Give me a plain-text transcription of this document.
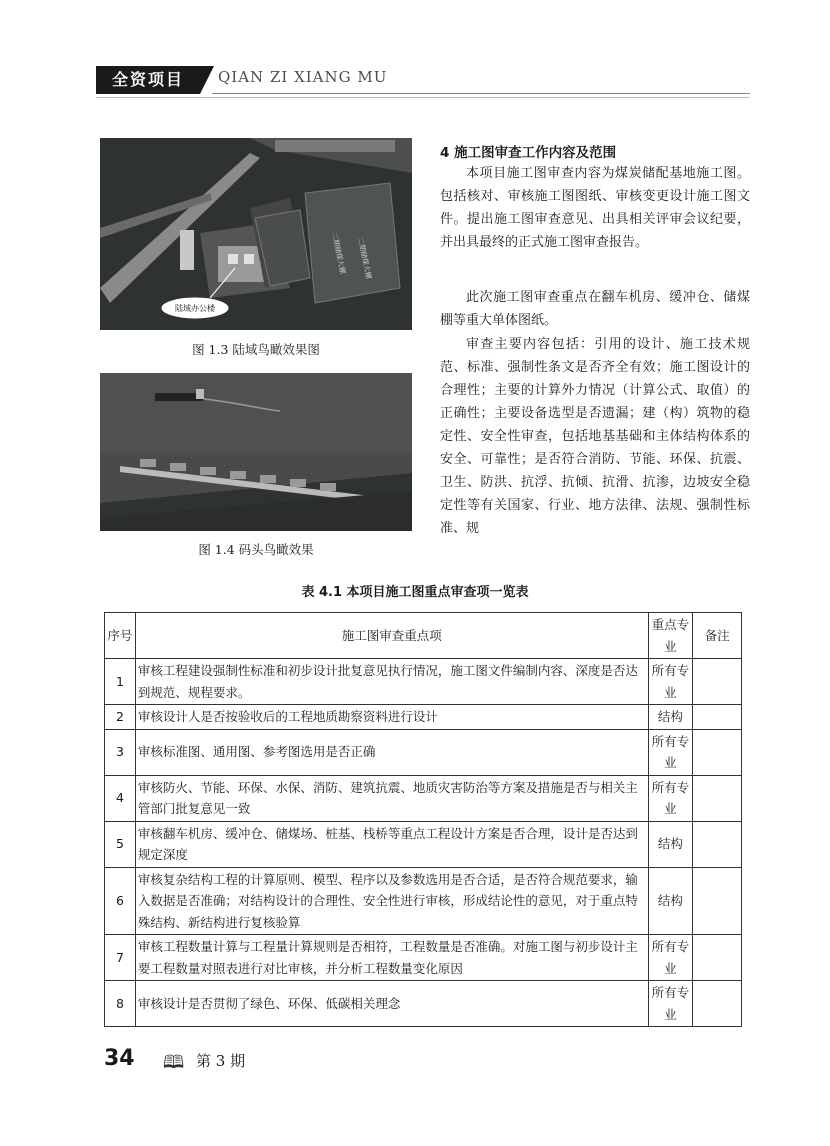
全资项目	QIAN ZI XIANG MU
二期储煤大棚 二期储煤大棚
陆域办公楼
图 1.3 陆域鸟瞰效果图
图 1.4 码头鸟瞰效果
4 施工图审查工作内容及范围

本项目施工图审查内容为煤炭储配基地施工图。包括核对、审核施工图图纸、审核变更设计施工图文件。提出施工图审查意见、出具相关评审会议纪要，并出具最终的正式施工图审查报告。

此次施工图审查重点在翻车机房、缓冲仓、储煤棚等重大单体图纸。

审查主要内容包括：引用的设计、施工技术规范、标准、强制性条文是否齐全有效；施工图设计的合理性；主要的计算外力情况（计算公式、取值）的正确性；主要设备选型是否遗漏；建（构）筑物的稳定性、安全性审查，包括地基基础和主体结构体系的安全、可靠性；是否符合消防、节能、环保、抗震、卫生、防洪、抗浮、抗倾、抗滑、抗渗，边坡安全稳定性等有关国家、行业、地方法律、法规、强制性标准、规

表 4.1 本项目施工图重点审查项一览表
序号	施工图审查重点项	重点专业	备注
1	审核工程建设强制性标准和初步设计批复意见执行情况，施工图文件编制内容、深度是否达到规范、规程要求。	所有专业	
2	审核设计人是否按验收后的工程地质勘察资料进行设计	结构	
3	审核标准图、通用图、参考图选用是否正确	所有专业	
4	审核防火、节能、环保、水保、消防、建筑抗震、地质灾害防治等方案及措施是否与相关主管部门批复意见一致	所有专业	
5	审核翻车机房、缓冲仓、储煤场、桩基、栈桥等重点工程设计方案是否合理，设计是否达到规定深度	结构	
6	审核复杂结构工程的计算原则、模型、程序以及参数选用是否合适，是否符合规范要求，输入数据是否准确；对结构设计的合理性、安全性进行审核，形成结论性的意见，对于重点特殊结构、新结构进行复核验算	结构	
7	审核工程数量计算与工程量计算规则是否相符，工程数量是否准确。对施工图与初步设计主要工程数量对照表进行对比审核，并分析工程数量变化原因	所有专业	
8	审核设计是否贯彻了绿色、环保、低碳相关理念	所有专业	
34 🕮 第 3 期
